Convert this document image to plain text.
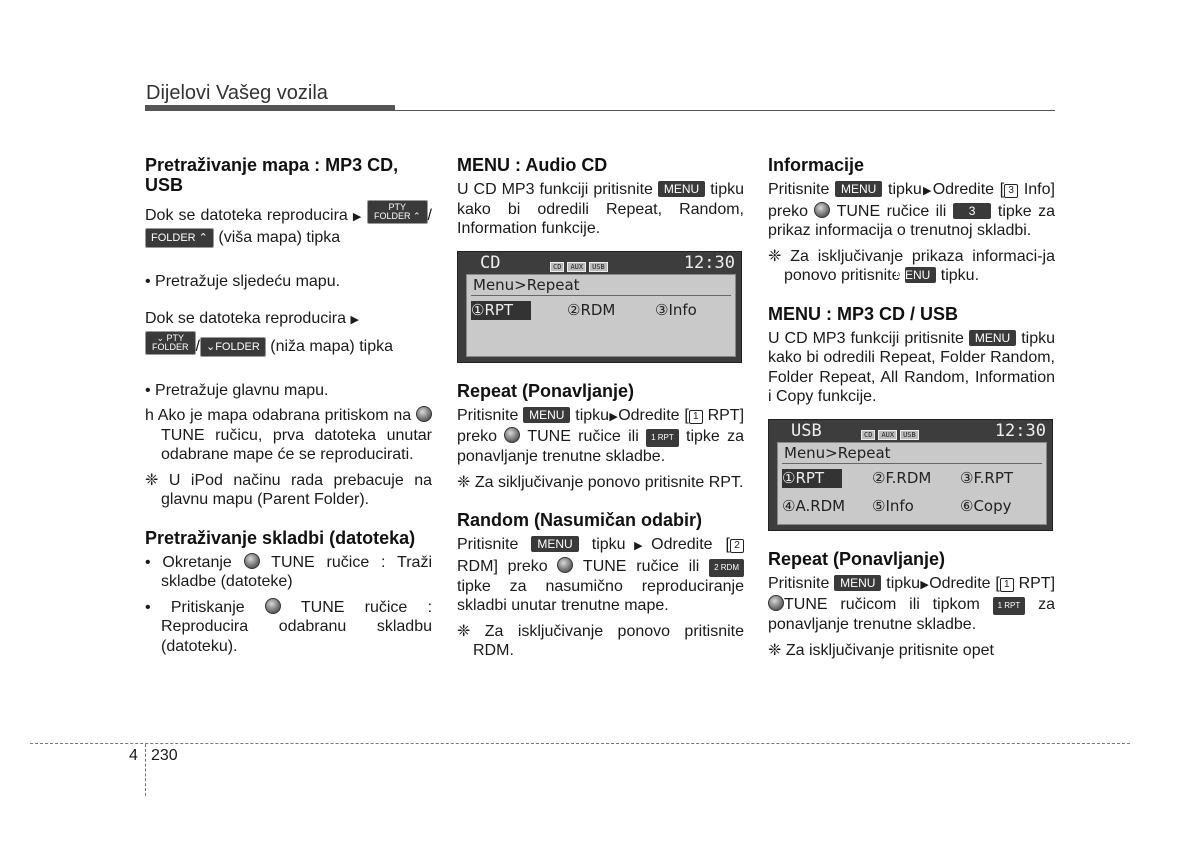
Dijelovi Vašeg vozila
Pretraživanje mapa : MP3 CD, USB

Dok se datoteka reproducira ▶ PTY
FOLDER ⌃ / FOLDER ⌃ (viša mapa) tipka

• Pretražuje sljedeću mapu.

Dok se datoteka reproducira ▶
⌄ PTY
FOLDER / ⌄FOLDER (niža mapa) tipka

• Pretražuje glavnu mapu.

h Ako je mapa odabrana pritiskom na  TUNE ručicu, prva datoteka unutar odabrane mape će se reproducirati.

❈ U iPod načinu rada prebacuje na glavnu mapu (Parent Folder).

Pretraživanje skladbi (datoteka)

• Okretanje TUNE ručice : Traži skladbe (datoteke)

• Pritiskanje	TUNE ručice : Reproducira odabranu skladbu (datoteku).

MENU : Audio CD

U CD MP3 funkciji pritisnite MENU tipku kako bi odredili Repeat, Random, Information funkcije.

CD	CD AUX USB	12:30
Menu>Repeat
①RPT	②RDM	③Info
Repeat (Ponavljanje)

Pritisnite MENU tipku▶Odredite [ 1 RPT] preko TUNE ručice ili 1 RPT tipke za ponavljanje trenutne skladbe.

❈ Za siključivanje ponovo pritisnite RPT.

Random (Nasumičan odabir)

Pritisnite MENU tipku▶Odredite [ 2 RDM] preko TUNE ručice ili 2 RDM tipke za nasumično reproduciranje skladbi unutar trenutne mape.

❈ Za isključivanje ponovo pritisnite RDM.

Informacije

Pritisnite MENU tipku▶Odredite [ 3 Info] preko TUNE ručice ili 3 tipke za prikaz informacija o trenutnoj skladbi.

❈ Za isključivanje prikaza informaci-ja ponovo pritisnite MENU tipku.

MENU : MP3 CD / USB

U CD MP3 funkciji pritisnite MENU tipku kako bi odredili Repeat, Folder Random, Folder Repeat, All Random, Information i Copy funkcije.

USB	CD AUX USB	12:30
Menu>Repeat
①RPT	②F.RDM ③F.RPT
④A.RDM ⑤Info	⑥Copy
Repeat (Ponavljanje)

Pritisnite MENU tipku▶Odredite [ 1 RPT]TUNE ručicom ili tipkom 1 RPT za ponavljanje trenutne skladbe.

❈ Za isključivanje pritisnite opet

4 230
